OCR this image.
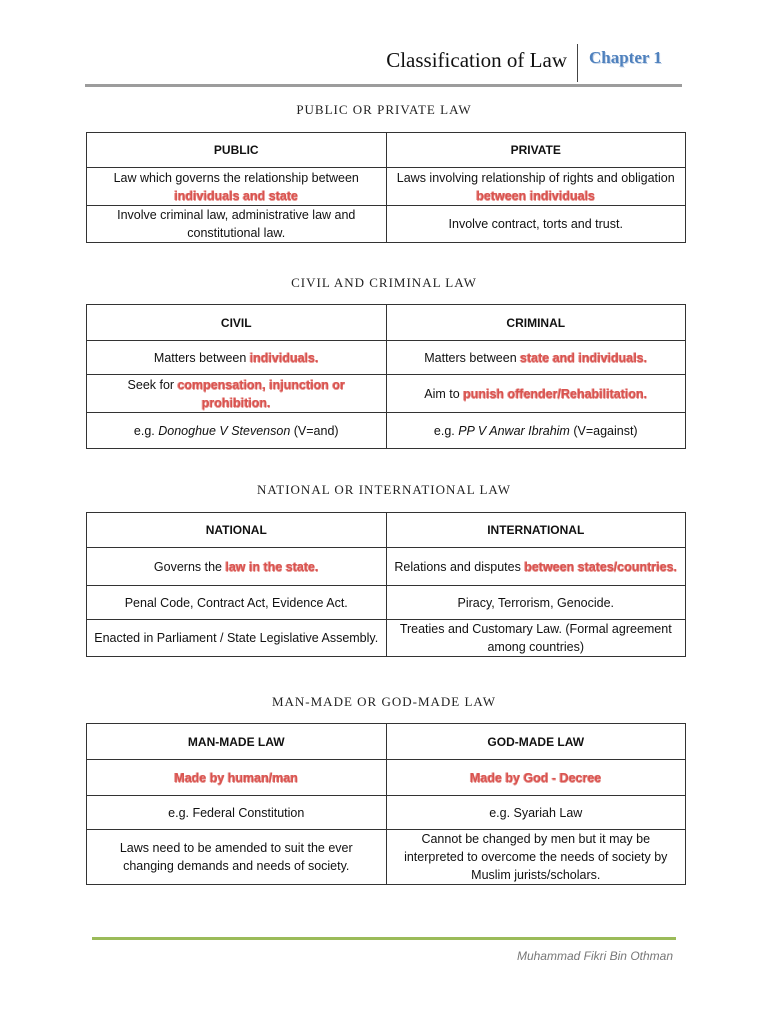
Classification of Law Chapter 1
PUBLIC OR PRIVATE LAW
PUBLIC	PRIVATE
Law which governs the relationship between individuals and state	Laws involving relationship of rights and obligation between individuals
Involve criminal law, administrative law and constitutional law.	Involve contract, torts and trust.
CIVIL AND CRIMINAL LAW
CIVIL	CRIMINAL
Matters between individuals.	Matters between state and individuals.
Seek for compensation, injunction or prohibition.	Aim to punish offender/Rehabilitation.
e.g. Donoghue V Stevenson (V=and)	e.g. PP V Anwar Ibrahim (V=against)
NATIONAL OR INTERNATIONAL LAW
NATIONAL	INTERNATIONAL
Governs the law in the state.	Relations and disputes between states/countries.
Penal Code, Contract Act, Evidence Act.	Piracy, Terrorism, Genocide.
Enacted in Parliament / State Legislative Assembly.	Treaties and Customary Law. (Formal agreement among countries)
MAN-MADE OR GOD-MADE LAW
MAN-MADE LAW	GOD-MADE LAW
Made by human/man	Made by God - Decree
e.g. Federal Constitution	e.g. Syariah Law
Laws need to be amended to suit the ever changing demands and needs of society.	Cannot be changed by men but it may be interpreted to overcome the needs of society by Muslim jurists/scholars.
Muhammad Fikri Bin Othman
